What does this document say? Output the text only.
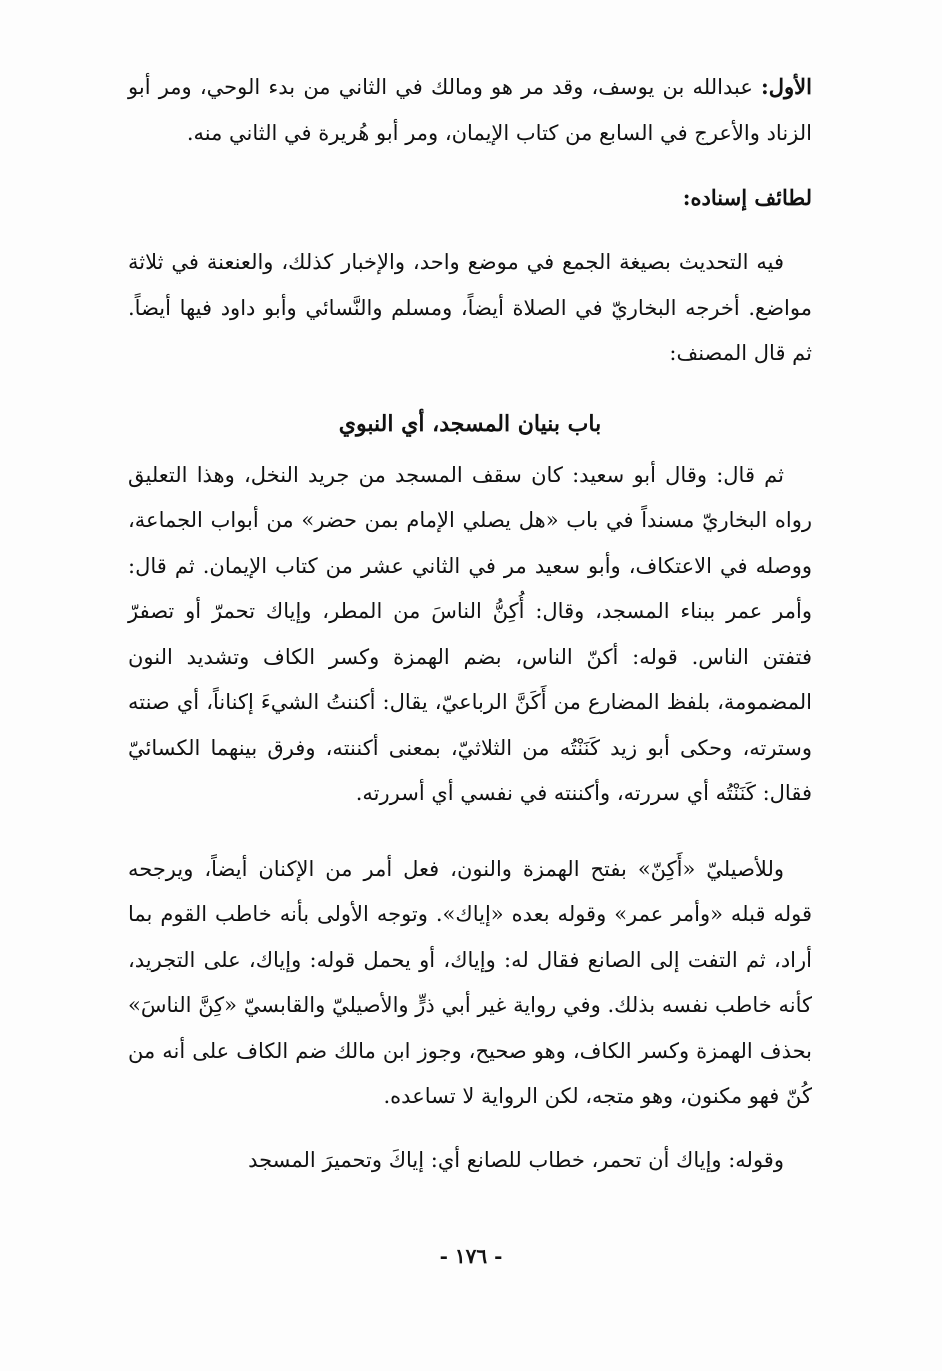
الأول: عبدالله بن يوسف، وقد مر هو ومالك في الثاني من بدء الوحي، ومر أبو الزناد والأعرج في السابع من كتاب الإيمان، ومر أبو هُريرة في الثاني منه.

لطائف إسناده:

فيه التحديث بصيغة الجمع في موضع واحد، والإخبار كذلك، والعنعنة في ثلاثة مواضع. أخرجه البخاريّ في الصلاة أيضاً، ومسلم والنَّسائي وأبو داود فيها أيضاً. ثم قال المصنف:

باب بنيان المسجد، أي النبوي

ثم قال: وقال أبو سعيد: كان سقف المسجد من جريد النخل، وهذا التعليق رواه البخاريّ مسنداً في باب «هل يصلي الإمام بمن حضر» من أبواب الجماعة، ووصله في الاعتكاف، وأبو سعيد مر في الثاني عشر من كتاب الإيمان. ثم قال: وأمر عمر ببناء المسجد، وقال: أُكِنُّ الناسَ من المطر، وإياك تحمرّ أو تصفرّ فتفتن الناس. قوله: أكنّ الناس، بضم الهمزة وكسر الكاف وتشديد النون المضمومة، بلفظ المضارع من أَكَنَّ الرباعيّ، يقال: أكننتُ الشيءَ إكناناً، أي صنته وسترته، وحكى أبو زيد كَنَنْتُه من الثلاثيّ، بمعنى أكننته، وفرق بينهما الكسائيّ فقال: كَنَنْتُه أي سررته، وأكننته في نفسي أي أسررته.

وللأصيليّ «أَكِنّ» بفتح الهمزة والنون، فعل أمر من الإكنان أيضاً، ويرجحه قوله قبله «وأمر عمر» وقوله بعده «إياك». وتوجه الأولى بأنه خاطب القوم بما أراد، ثم التفت إلى الصانع فقال له: وإياك، أو يحمل قوله: وإياك، على التجريد، كأنه خاطب نفسه بذلك. وفي رواية غير أبي ذرٍّ والأصيليّ والقابسيّ «كِنَّ الناسَ» بحذف الهمزة وكسر الكاف، وهو صحيح، وجوز ابن مالك ضم الكاف على أنه من كُنّ فهو مكنون، وهو متجه، لكن الرواية لا تساعده.

وقوله: وإياك أن تحمر، خطاب للصانع أي: إياكَ وتحميرَ المسجد

- ١٧٦ -
